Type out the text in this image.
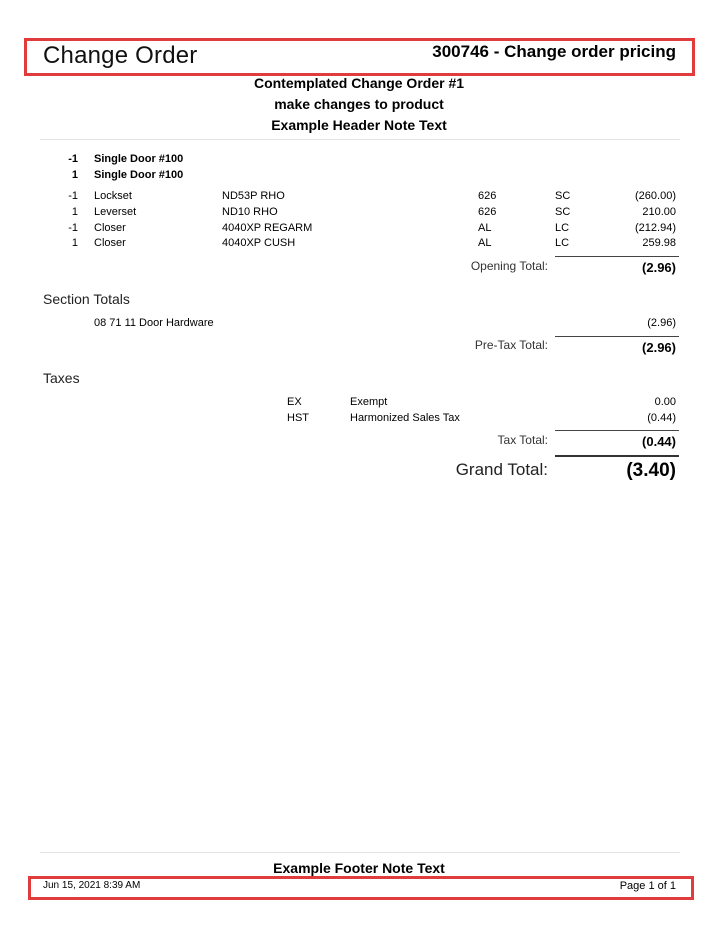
Change Order	300746 - Change order pricing
Contemplated Change Order #1
make changes to product
Example Header Note Text
-1 Single Door #100
1 Single Door #100
-1 Lockset	ND53P RHO	626	SC	(260.00)
1 Leverset	ND10 RHO	626	SC	210.00
-1 Closer	4040XP REGARM	AL	LC	(212.94)
1 Closer	4040XP CUSH	AL	LC	259.98
Opening Total:	(2.96)
Section Totals
08 71 11 Door Hardware	(2.96)
Pre-Tax Total:	(2.96)
Taxes
EX	Exempt	0.00
HST	Harmonized Sales Tax	(0.44)
Tax Total:	(0.44)
Grand Total:	(3.40)
Example Footer Note Text
Jun 15, 2021 8:39 AM	Page 1 of 1
